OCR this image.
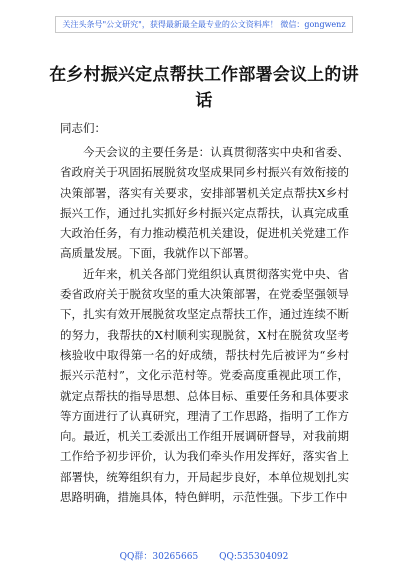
关注头条号"公文研究"，获得最新最全最专业的公文资料库！ 微信：gongwenz
在乡村振兴定点帮扶工作部署会议上的讲话
同志们：

今天会议的主要任务是：认真贯彻落实中央和省委、省政府关于巩固拓展脱贫攻坚成果同乡村振兴有效衔接的决策部署，落实有关要求，安排部署机关定点帮扶X乡村振兴工作，通过扎实抓好乡村振兴定点帮扶，认真完成重大政治任务，有力推动模范机关建设，促进机关党建工作高质量发展。下面，我就作以下部署。

近年来，机关各部门党组织认真贯彻落实党中央、省委省政府关于脱贫攻坚的重大决策部署，在党委坚强领导下，扎实有效开展脱贫攻坚定点帮扶工作，通过连续不断的努力，我帮扶的X村顺利实现脱贫，X村在脱贫攻坚考核验收中取得第一名的好成绩，帮扶村先后被评为“乡村振兴示范村”，文化示范村等。党委高度重视此项工作，就定点帮扶的指导思想、总体目标、重要任务和具体要求等方面进行了认真研究，理清了工作思路，指明了工作方向。最近，机关工委派出工作组开展调研督导，对我前期工作给予初步评价，认为我们牵头作用发挥好，落实省上部署快，统筹组织有力，开局起步良好，本单位规划扎实思路明确，措施具体，特色鲜明，示范性强。下步工作中

QQ群：30265665 QQ:535304092
